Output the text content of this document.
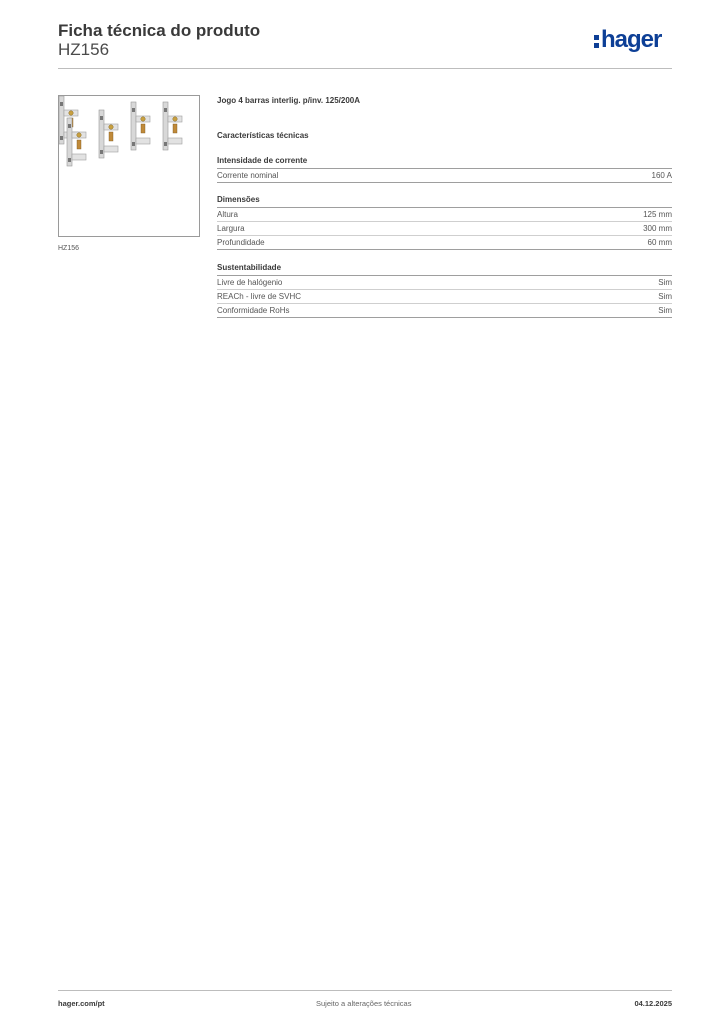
Ficha técnica do produto
HZ156	hager
HZ156
Jogo 4 barras interlig. p/inv. 125/200A
Características técnicas
Intensidade de corrente
Corrente nominal	160 A
Dimensões
Altura	125 mm
Largura	300 mm
Profundidade	60 mm
Sustentabilidade
Livre de halógenio	Sim
REACh - livre de SVHC	Sim
Conformidade RoHs	Sim
hager.com/pt	Sujeito a alterações técnicas	04.12.2025
